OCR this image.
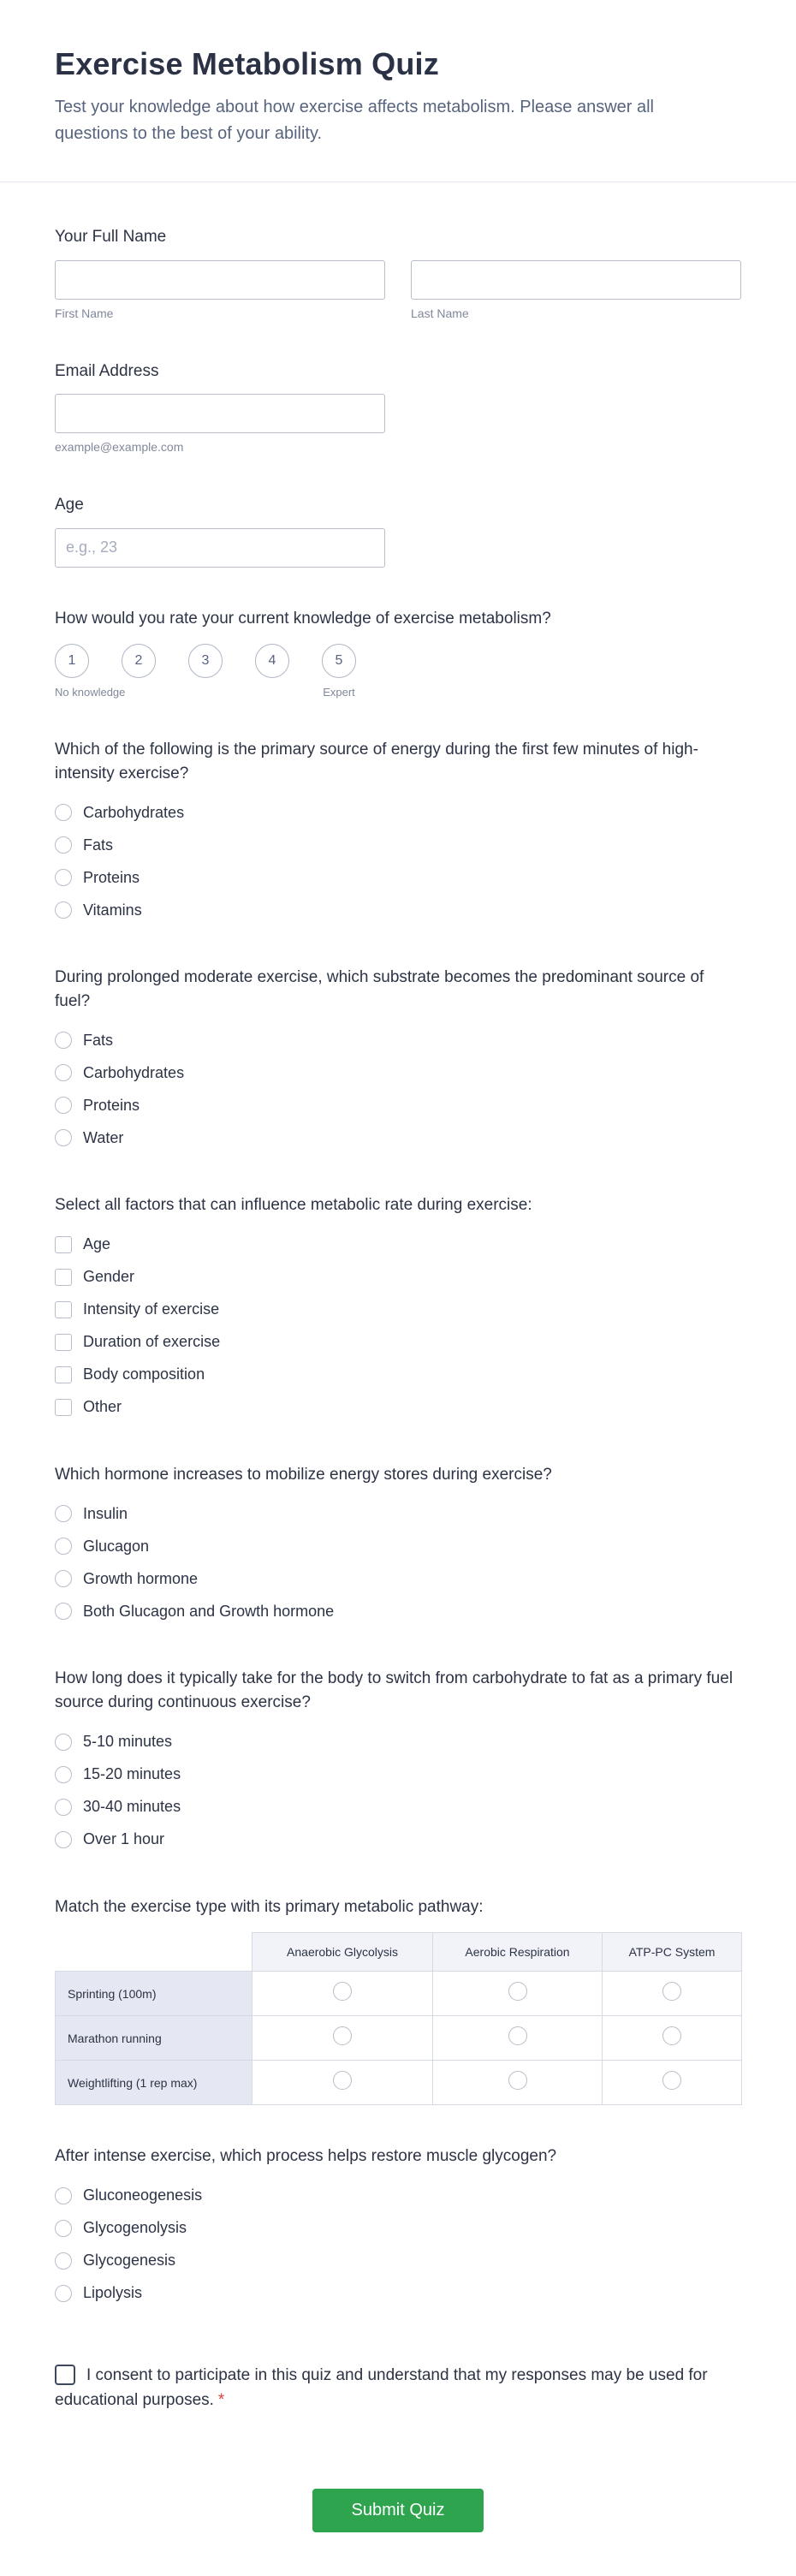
Exercise Metabolism Quiz

Test your knowledge about how exercise affects metabolism. Please answer all questions to the best of your ability.

Your Full Name
First Name	Last Name
Email Address
example@example.com
Age
e.g., 23
How would you rate your current knowledge of exercise metabolism?
1
No knowledge
2	3	4	5
Expert
Which of the following is the primary source of energy during the first few minutes of high-intensity exercise?
Carbohydrates
Fats
Proteins
Vitamins
During prolonged moderate exercise, which substrate becomes the predominant source of fuel?
Fats
Carbohydrates
Proteins
Water
Select all factors that can influence metabolic rate during exercise:
Age
Gender
Intensity of exercise
Duration of exercise
Body composition
Other
Which hormone increases to mobilize energy stores during exercise?
Insulin
Glucagon
Growth hormone
Both Glucagon and Growth hormone
How long does it typically take for the body to switch from carbohydrate to fat as a primary fuel source during continuous exercise?
5-10 minutes
15-20 minutes
30-40 minutes
Over 1 hour
Match the exercise type with its primary metabolic pathway:
	Anaerobic Glycolysis	Aerobic Respiration	ATP-PC System
Sprinting (100m)			
Marathon running			
Weightlifting (1 rep max)			
After intense exercise, which process helps restore muscle glycogen?
Gluconeogenesis
Glycogenolysis
Glycogenesis
Lipolysis

I consent to participate in this quiz and understand that my responses may be used for educational purposes. *

Submit Quiz
